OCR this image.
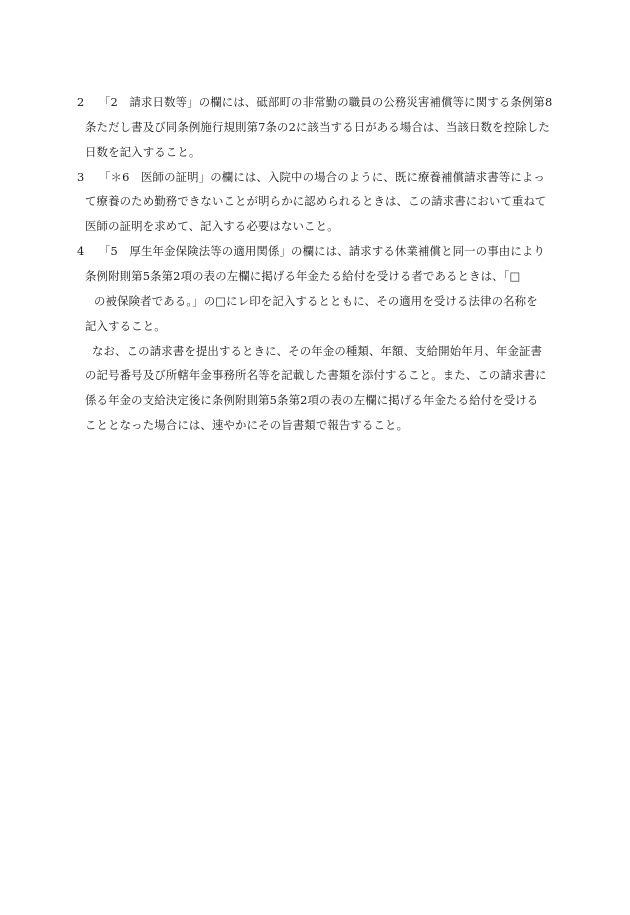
2 「2　請求日数等」の欄には、砥部町の非常勤の職員の公務災害補償等に関する条例第8
条ただし書及び同条例施行規則第7条の2に該当する日がある場合は、当該日数を控除した
日数を記入すること。
3 「＊6　医師の証明」の欄には、入院中の場合のように、既に療養補償請求書等によっ
て療養のため勤務できないことが明らかに認められるときは、この請求書において重ねて
医師の証明を求めて、記入する必要はないこと。
4 「5　厚生年金保険法等の適用関係」の欄には、請求する休業補償と同一の事由により
条例附則第5条第2項の表の左欄に掲げる年金たる給付を受ける者であるときは、「□
の被保険者である。」の□にレ印を記入するとともに、その適用を受ける法律の名称を
記入すること。
なお、この請求書を提出するときに、その年金の種類、年額、支給開始年月、年金証書
の記号番号及び所轄年金事務所名等を記載した書類を添付すること。また、この請求書に
係る年金の支給決定後に条例附則第5条第2項の表の左欄に掲げる年金たる給付を受ける
こととなった場合には、速やかにその旨書類で報告すること。
